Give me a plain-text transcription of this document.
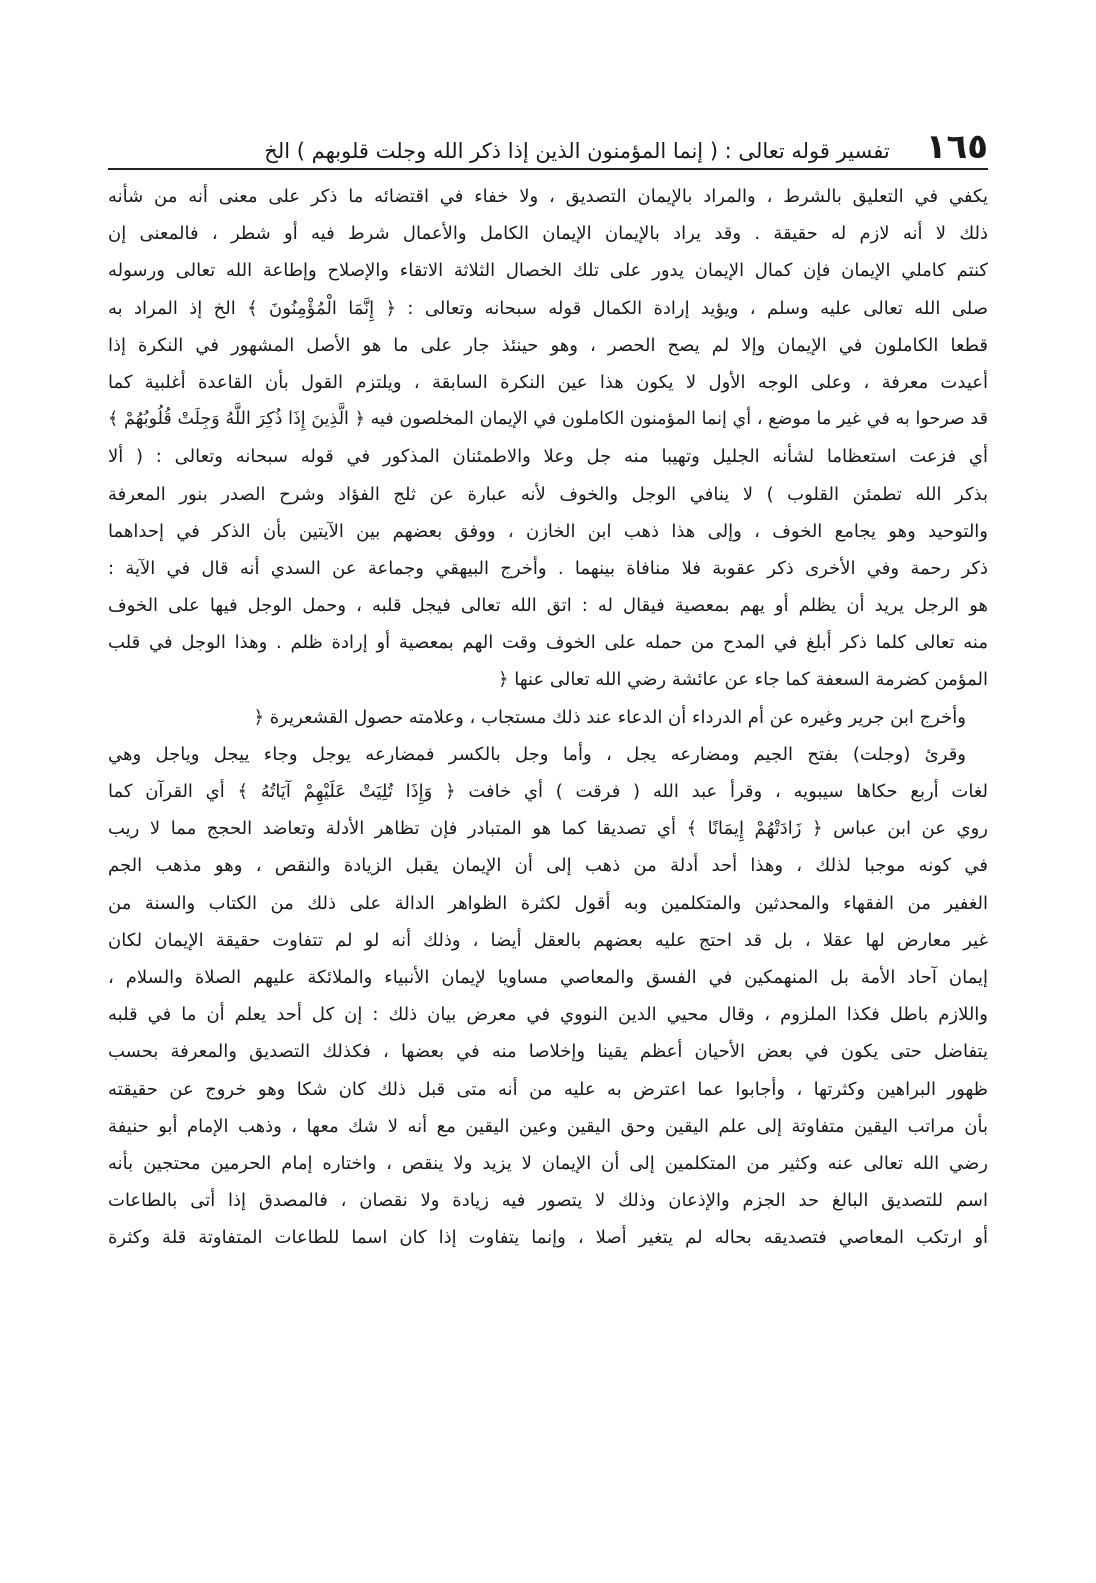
١٦٥
تفسير قوله تعالى : ( إنما المؤمنون الذين إذا ذكر الله وجلت قلوبهم ) الخ
يكفي في التعليق بالشرط ، والمراد بالإيمان التصديق ، ولا خفاء في اقتضائه ما ذكر على معنى أنه من شأنه
ذلك لا أنه لازم له حقيقة . وقد يراد بالإيمان الإيمان الكامل والأعمال شرط فيه أو شطر ، فالمعنى إن
كنتم كاملي الإيمان فإن كمال الإيمان يدور على تلك الخصال الثلاثة الاتقاء والإصلاح وإطاعة الله تعالى ورسوله
صلى الله تعالى عليه وسلم ، ويؤيد إرادة الكمال قوله سبحانه وتعالى : ﴿ إِنَّمَا الْمُؤْمِنُونَ ﴾ الخ إذ المراد به
قطعا الكاملون في الإيمان وإلا لم يصح الحصر ، وهو حينئذ جار على ما هو الأصل المشهور في النكرة إذا
أعيدت معرفة ، وعلى الوجه الأول لا يكون هذا عين النكرة السابقة ، ويلتزم القول بأن القاعدة أغلبية كما
قد صرحوا به في غير ما موضع ، أي إنما المؤمنون الكاملون في الإيمان المخلصون فيه ﴿ الَّذِينَ إِذَا ذُكِرَ اللَّهُ وَجِلَتْ قُلُوبُهُمْ ﴾
أي فزعت استعظاما لشأنه الجليل وتهيبا منه جل وعلا والاطمئنان المذكور في قوله سبحانه وتعالى : ( ألا
بذكر الله تطمئن القلوب ) لا ينافي الوجل والخوف لأنه عبارة عن ثلج الفؤاد وشرح الصدر بنور المعرفة
والتوحيد وهو يجامع الخوف ، وإلى هذا ذهب ابن الخازن ، ووفق بعضهم بين الآيتين بأن الذكر في إحداهما
ذكر رحمة وفي الأخرى ذكر عقوبة فلا منافاة بينهما . وأخرج البيهقي وجماعة عن السدي أنه قال في الآية :
هو الرجل يريد أن يظلم أو يهم بمعصية فيقال له : اتق الله تعالى فيجل قلبه ، وحمل الوجل فيها على الخوف
منه تعالى كلما ذكر أبلغ في المدح من حمله على الخوف وقت الهم بمعصية أو إرادة ظلم . وهذا الوجل في قلب
المؤمن كضرمة السعفة كما جاء عن عائشة رضي الله تعالى عنها ﴿
وأخرج ابن جرير وغيره عن أم الدرداء أن الدعاء عند ذلك مستجاب ، وعلامته حصول القشعريرة ﴿
وقرئ (وجلت) بفتح الجيم ومضارعه يجل ، وأما وجل بالكسر فمضارعه يوجل وجاء ييجل وياجل وهي
لغات أربع حكاها سيبويه ، وقرأ عبد الله ( فرقت ) أي خافت ﴿ وَإِذَا تُلِيَتْ عَلَيْهِمْ آيَاتُهُ ﴾ أي القرآن كما
روي عن ابن عباس ﴿ زَادَتْهُمْ إِيمَانًا ﴾ أي تصديقا كما هو المتبادر فإن تظاهر الأدلة وتعاضد الحجج مما لا ريب
في كونه موجبا لذلك ، وهذا أحد أدلة من ذهب إلى أن الإيمان يقبل الزيادة والنقص ، وهو مذهب الجم
الغفير من الفقهاء والمحدثين والمتكلمين وبه أقول لكثرة الظواهر الدالة على ذلك من الكتاب والسنة من
غير معارض لها عقلا ، بل قد احتج عليه بعضهم بالعقل أيضا ، وذلك أنه لو لم تتفاوت حقيقة الإيمان لكان
إيمان آحاد الأمة بل المنهمكين في الفسق والمعاصي مساويا لإيمان الأنبياء والملائكة عليهم الصلاة والسلام ،
واللازم باطل فكذا الملزوم ، وقال محيي الدين النووي في معرض بيان ذلك : إن كل أحد يعلم أن ما في قلبه
يتفاضل حتى يكون في بعض الأحيان أعظم يقينا وإخلاصا منه في بعضها ، فكذلك التصديق والمعرفة بحسب
ظهور البراهين وكثرتها ، وأجابوا عما اعترض به عليه من أنه متى قبل ذلك كان شكا وهو خروج عن حقيقته
بأن مراتب اليقين متفاوتة إلى علم اليقين وحق اليقين وعين اليقين مع أنه لا شك معها ، وذهب الإمام أبو حنيفة
رضي الله تعالى عنه وكثير من المتكلمين إلى أن الإيمان لا يزيد ولا ينقص ، واختاره إمام الحرمين محتجين بأنه
اسم للتصديق البالغ حد الجزم والإذعان وذلك لا يتصور فيه زيادة ولا نقصان ، فالمصدق إذا أتى بالطاعات
أو ارتكب المعاصي فتصديقه بحاله لم يتغير أصلا ، وإنما يتفاوت إذا كان اسما للطاعات المتفاوتة قلة وكثرة
